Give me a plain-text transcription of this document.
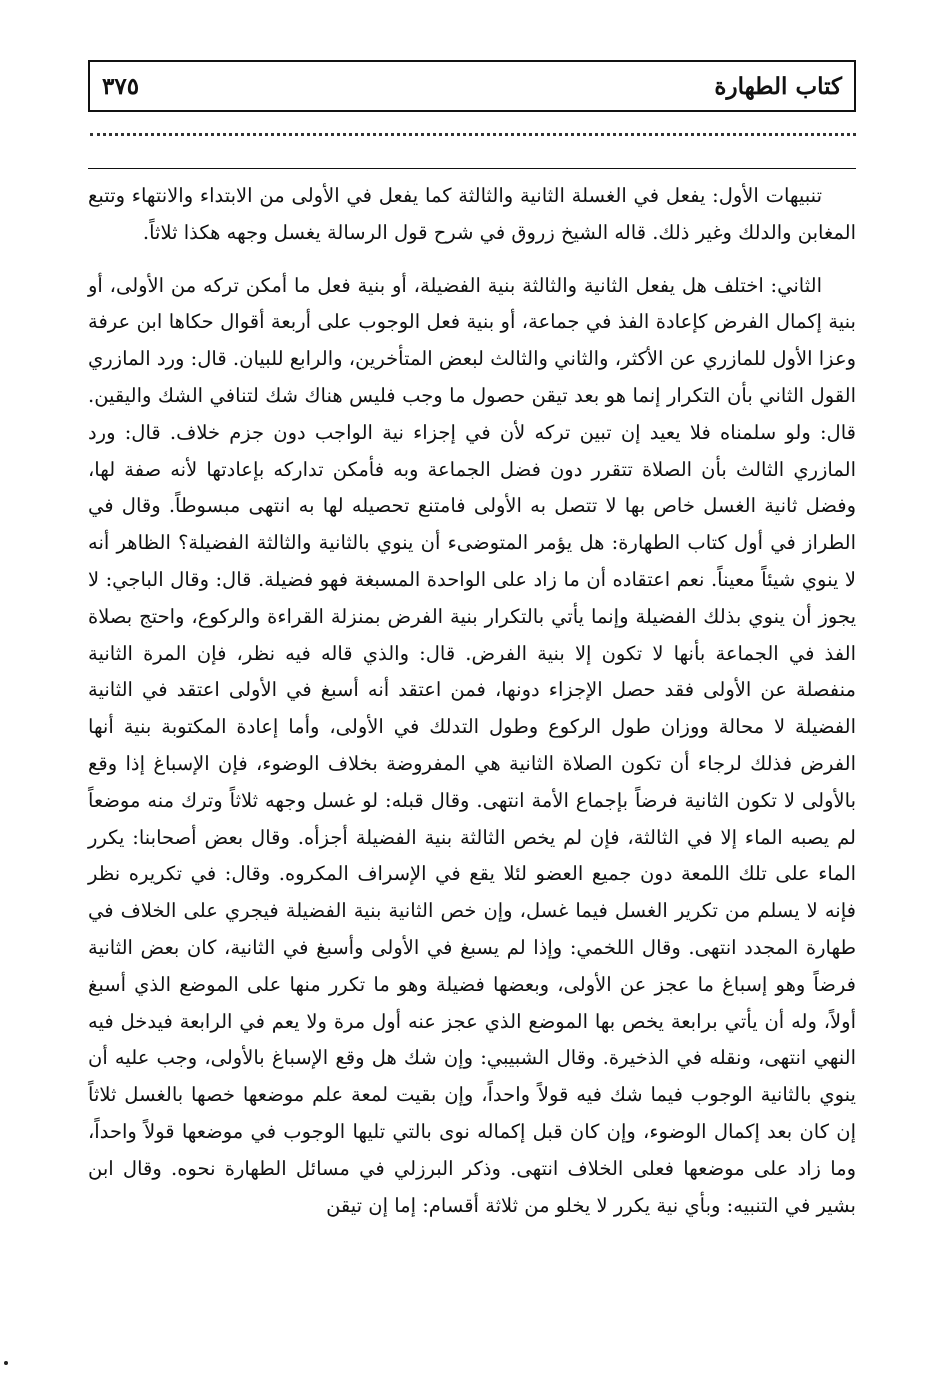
كتاب الطهارة
٣٧٥

تنبيهات الأول: يفعل في الغسلة الثانية والثالثة كما يفعل في الأولى من الابتداء والانتهاء وتتبع المغابن والدلك وغير ذلك. قاله الشيخ زروق في شرح قول الرسالة يغسل وجهه هكذا ثلاثاً.

الثاني: اختلف هل يفعل الثانية والثالثة بنية الفضيلة، أو بنية فعل ما أمكن تركه من الأولى، أو بنية إكمال الفرض كإعادة الفذ في جماعة، أو بنية فعل الوجوب على أربعة أقوال حكاها ابن عرفة وعزا الأول للمازري عن الأكثر، والثاني والثالث لبعض المتأخرين، والرابع للبيان. قال: ورد المازري القول الثاني بأن التكرار إنما هو بعد تيقن حصول ما وجب فليس هناك شك لتنافي الشك واليقين. قال: ولو سلمناه فلا يعيد إن تبين تركه لأن في إجزاء نية الواجب دون جزم خلاف. قال: ورد المازري الثالث بأن الصلاة تتقرر دون فضل الجماعة وبه فأمكن تداركه بإعادتها لأنه صفة لها، وفضل ثانية الغسل خاص بها لا تتصل به الأولى فامتنع تحصيله لها به انتهى مبسوطاً. وقال في الطراز في أول كتاب الطهارة: هل يؤمر المتوضىء أن ينوي بالثانية والثالثة الفضيلة؟ الظاهر أنه لا ينوي شيئاً معيناً. نعم اعتقاده أن ما زاد على الواحدة المسبغة فهو فضيلة. قال: وقال الباجي: لا يجوز أن ينوي بذلك الفضيلة وإنما يأتي بالتكرار بنية الفرض بمنزلة القراءة والركوع، واحتج بصلاة الفذ في الجماعة بأنها لا تكون إلا بنية الفرض. قال: والذي قاله فيه نظر، فإن المرة الثانية منفصلة عن الأولى فقد حصل الإجزاء دونها، فمن اعتقد أنه أسبغ في الأولى اعتقد في الثانية الفضيلة لا محالة ووزان طول الركوع وطول التدلك في الأولى، وأما إعادة المكتوبة بنية أنها الفرض فذلك لرجاء أن تكون الصلاة الثانية هي المفروضة بخلاف الوضوء، فإن الإسباغ إذا وقع بالأولى لا تكون الثانية فرضاً بإجماع الأمة انتهى. وقال قبله: لو غسل وجهه ثلاثاً وترك منه موضعاً لم يصبه الماء إلا في الثالثة، فإن لم يخص الثالثة بنية الفضيلة أجزأه. وقال بعض أصحابنا: يكرر الماء على تلك اللمعة دون جميع العضو لئلا يقع في الإسراف المكروه. وقال: في تكريره نظر فإنه لا يسلم من تكرير الغسل فيما غسل، وإن خص الثانية بنية الفضيلة فيجري على الخلاف في طهارة المجدد انتهى. وقال اللخمي: وإذا لم يسبغ في الأولى وأسبغ في الثانية، كان بعض الثانية فرضاً وهو إسباغ ما عجز عن الأولى، وبعضها فضيلة وهو ما تكرر منها على الموضع الذي أسبغ أولاً، وله أن يأتي برابعة يخص بها الموضع الذي عجز عنه أول مرة ولا يعم في الرابعة فيدخل فيه النهي انتهى، ونقله في الذخيرة. وقال الشبيبي: وإن شك هل وقع الإسباغ بالأولى، وجب عليه أن ينوي بالثانية الوجوب فيما شك فيه قولاً واحداً، وإن بقيت لمعة علم موضعها خصها بالغسل ثلاثاً إن كان بعد إكمال الوضوء، وإن كان قبل إكماله نوى بالتي تليها الوجوب في موضعها قولاً واحداً، وما زاد على موضعها فعلى الخلاف انتهى. وذكر البرزلي في مسائل الطهارة نحوه. وقال ابن بشير في التنبيه: وبأي نية يكرر لا يخلو من ثلاثة أقسام: إما إن تيقن
